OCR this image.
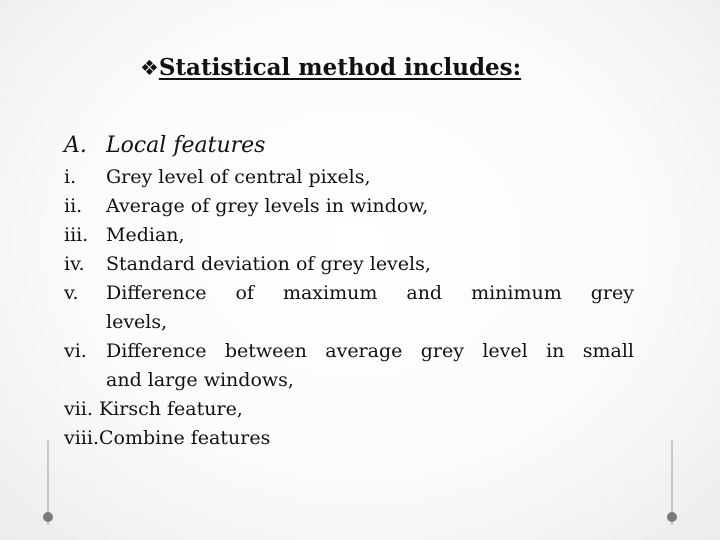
❖Statistical method includes:
A. Local features
i. Grey level of central pixels,
ii. Average of grey levels in window,
iii. Median,
iv. Standard deviation of grey levels,
v. Difference of maximum and minimum grey
levels,
vi. Difference between average grey level in small
and large windows,
vii. Kirsch feature,
viii.Combine features
